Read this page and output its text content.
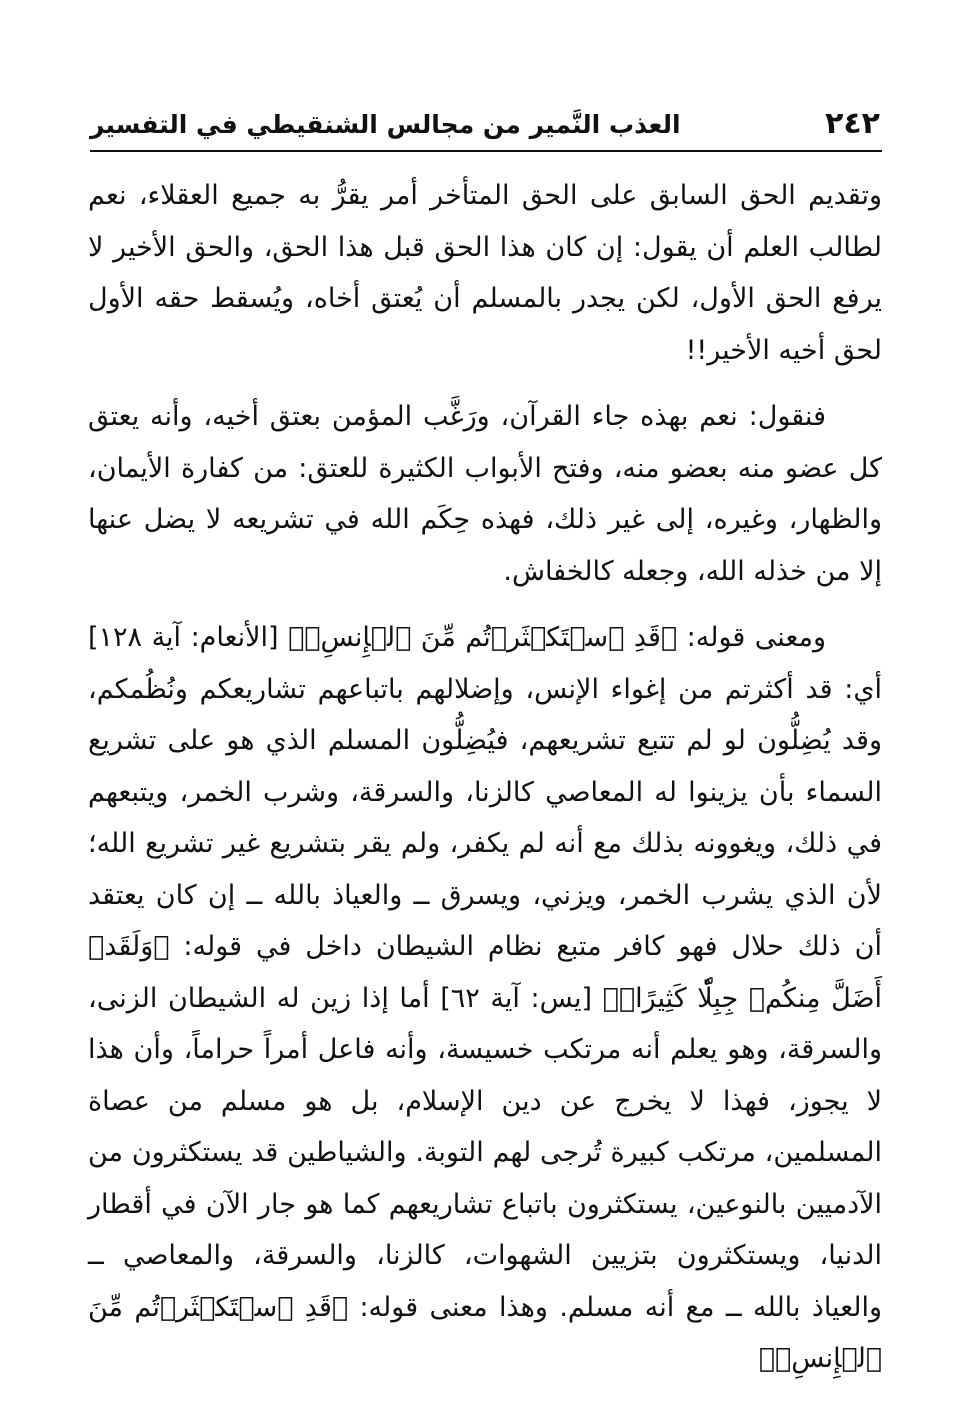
٢٤٢
العذب النَّمير من مجالس الشنقيطي في التفسير

وتقديم الحق السابق على الحق المتأخر أمر يقرُّ به جميع العقلاء، نعم لطالب العلم أن يقول: إن كان هذا الحق قبل هذا الحق، والحق الأخير لا يرفع الحق الأول، لكن يجدر بالمسلم أن يُعتق أخاه، ويُسقط حقه الأول لحق أخيه الأخير!!

فنقول: نعم بهذه جاء القرآن، ورَغَّب المؤمن بعتق أخيه، وأنه يعتق كل عضو منه بعضو منه، وفتح الأبواب الكثيرة للعتق: من كفارة الأيمان، والظهار، وغيره، إلى غير ذلك، فهذه حِكَم الله في تشريعه لا يضل عنها إلا من خذله الله، وجعله كالخفاش.

ومعنى قوله: ﴿قَدِ ٱسۡتَكۡثَرۡتُم مِّنَ ٱلۡإِنسِۖ﴾ [الأنعام: آية ١٢٨] أي: قد أكثرتم من إغواء الإنس، وإضلالهم باتباعهم تشاريعكم ونُظُمكم، وقد يُضِلُّون لو لم تتبع تشريعهم، فيُضِلُّون المسلم الذي هو على تشريع السماء بأن يزينوا له المعاصي كالزنا، والسرقة، وشرب الخمر، ويتبعهم في ذلك، ويغوونه بذلك مع أنه لم يكفر، ولم يقر بتشريع غير تشريع الله؛ لأن الذي يشرب الخمر، ويزني، ويسرق ــ والعياذ بالله ــ إن كان يعتقد أن ذلك حلال فهو كافر متبع نظام الشيطان داخل في قوله: ﴿وَلَقَدۡ أَضَلَّ مِنكُمۡ جِبِلّٗا كَثِيرًاۖ﴾ [يس: آية ٦٢] أما إذا زين له الشيطان الزنى، والسرقة، وهو يعلم أنه مرتكب خسيسة، وأنه فاعل أمراً حراماً، وأن هذا لا يجوز، فهذا لا يخرج عن دين الإسلام، بل هو مسلم من عصاة المسلمين، مرتكب كبيرة تُرجى لهم التوبة. والشياطين قد يستكثرون من الآدميين بالنوعين، يستكثرون باتباع تشاريعهم كما هو جار الآن في أقطار الدنيا، ويستكثرون بتزيين الشهوات، كالزنا، والسرقة، والمعاصي ــ والعياذ بالله ــ مع أنه مسلم. وهذا معنى قوله: ﴿قَدِ ٱسۡتَكۡثَرۡتُم مِّنَ ٱلۡإِنسِۖ﴾
